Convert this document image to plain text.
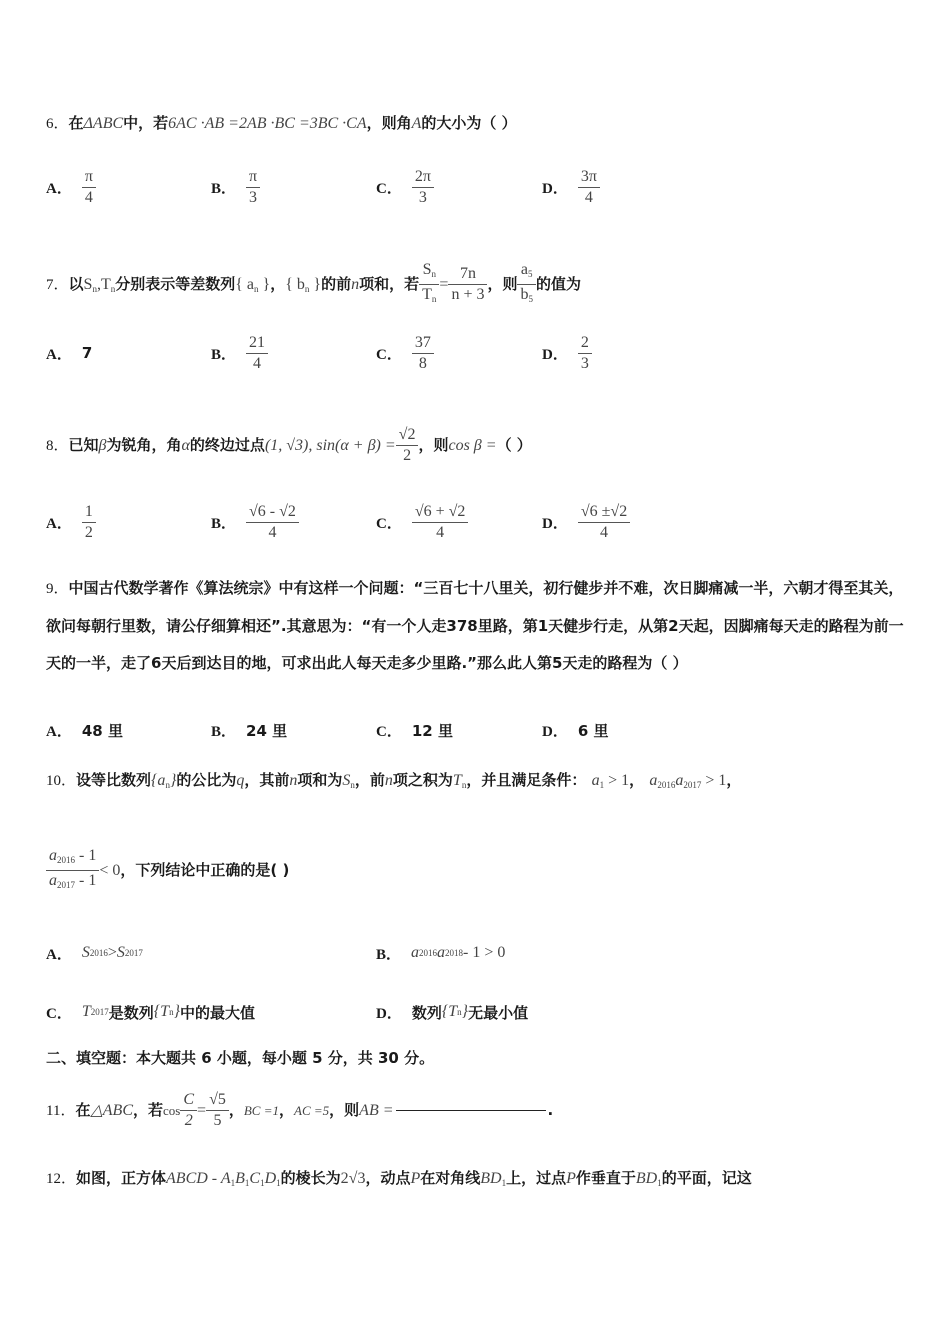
6．在ΔABC中，若6AC ·AB =2AB ·BC =3BC ·CA，则角A的大小为（ ）
A． $\frac{\pi}{4}$	B． $\frac{\pi}{3}$	C． $\frac{2\pi}{3}$	D． $\frac{3\pi}{4}$
7．以$S_n,T_n$分别表示等差数列{ $a_n$ }，{ $b_n$ }的前n项和，若 $\frac{S_n}{T_n} = \frac{7n}{n + 3}$ ，则 $\frac{a_5}{b_5}$ 的值为
A． 7	B． $\frac{21}{4}$	C． $\frac{37}{8}$	D． $\frac{2}{3}$
8．已知β为锐角，角α的终边过点(1, √3), $\sin(\alpha + \beta) = \frac{√2}{2}$ ，则cos β =（ ）
A． $\frac{1}{2}$	B． $\frac{√6 - √2}{4}$	C． $\frac{√6 + √2}{4}$	D． $\frac{√6 \pm√2}{4}$
9．中国古代数学著作《算法统宗》中有这样一个问题：“三百七十八里关，初行健步并不难，次日脚痛减一半，六朝才得至其关，欲问每朝行里数，请公仔细算相还”.其意思为：“有一个人走378里路，第1天健步行走，从第2天起，因脚痛每天走的路程为前一天的一半，走了6天后到达目的地，可求出此人每天走多少里路.”那么此人第5天走的路程为（ ）
A． 48 里	B． 24 里	C． 12 里	D． 6 里
10．设等比数列$\{a_n\}$的公比为q，其前n项和为$S_n$，前n项之积为$T_n$，并且满足条件： $a_1 > 1$， $a_{2016}a_{2017} > 1$，
$\frac{a_{2016} - 1}{a_{2017} - 1} < 0$，下列结论中正确的是( )
A． S 2016 > S 2017	B． a 2016 a 2018 - 1 > 0
C． T 2017 是数列 {T n } 中的最大值	D． 数列 {T n } 无最小值
二、填空题：本大题共 6 小题，每小题 5 分，共 30 分。
11．在△ABC，若$\cos \frac{C}{2} = \frac{√5}{5}$ ，BC =1，AC =5，则AB =	.
12．如图，正方体ABCD - $A_1B_1C_1D_1$的棱长为2√3，动点P在对角线$BD_1$上，过点P作垂直于$BD_1$的平面，记这
